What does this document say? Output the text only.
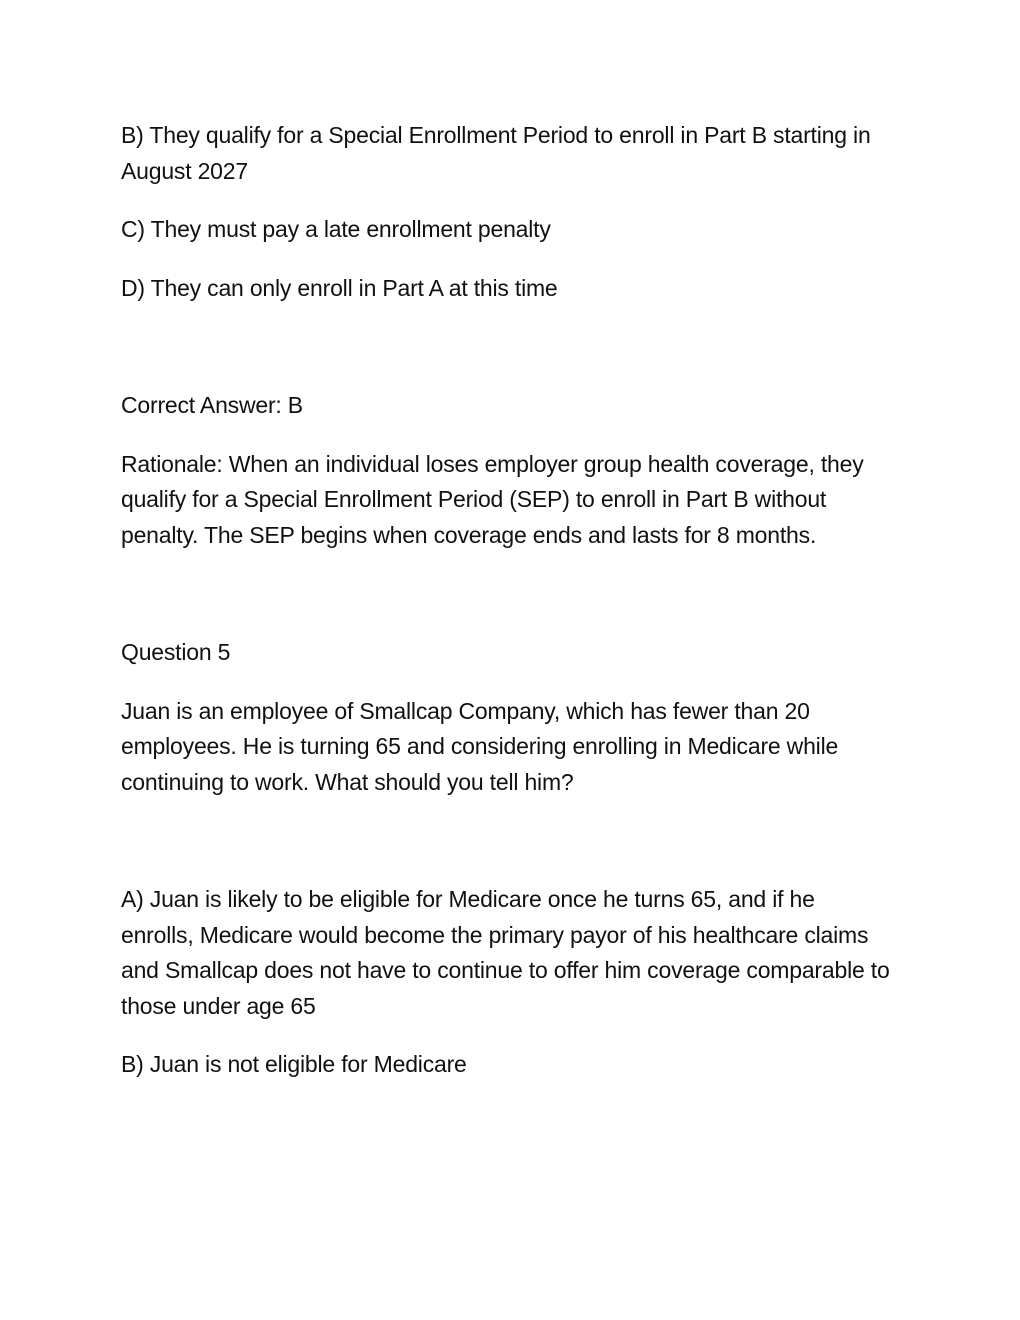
B) They qualify for a Special Enrollment Period to enroll in Part B starting in August 2027

C) They must pay a late enrollment penalty

D) They can only enroll in Part A at this time

Correct Answer: B

Rationale: When an individual loses employer group health coverage, they qualify for a Special Enrollment Period (SEP) to enroll in Part B without penalty. The SEP begins when coverage ends and lasts for 8 months.

Question 5

Juan is an employee of Smallcap Company, which has fewer than 20 employees. He is turning 65 and considering enrolling in Medicare while continuing to work. What should you tell him?

A) Juan is likely to be eligible for Medicare once he turns 65, and if he enrolls, Medicare would become the primary payor of his healthcare claims and Smallcap does not have to continue to offer him coverage comparable to those under age 65

B) Juan is not eligible for Medicare
